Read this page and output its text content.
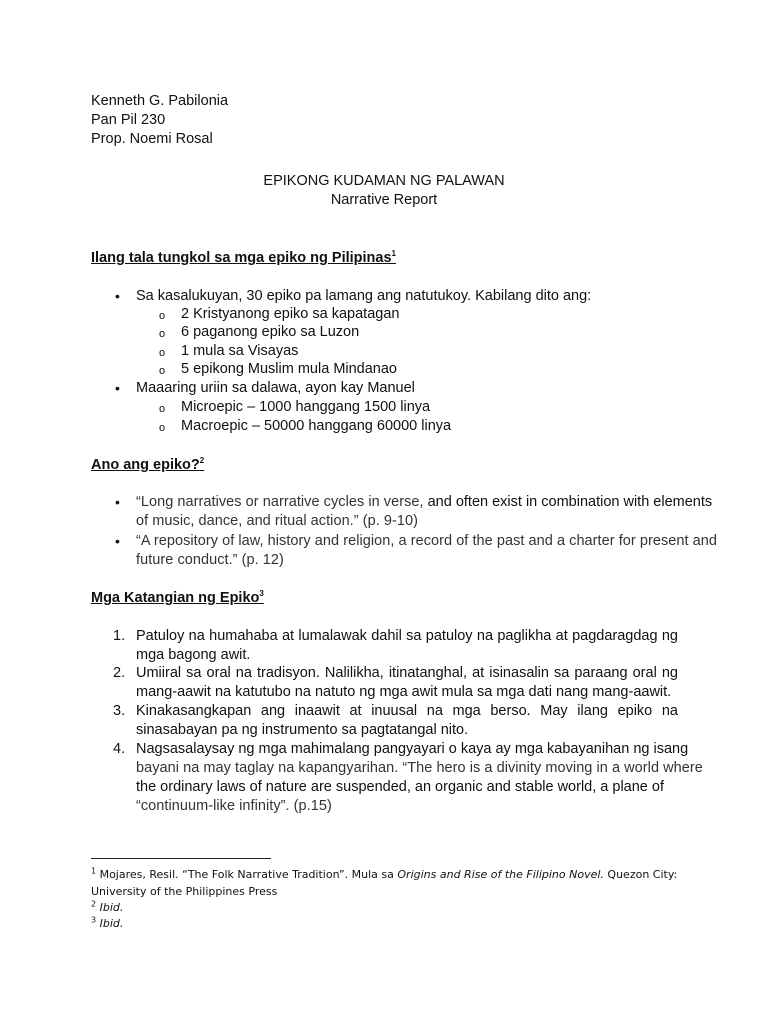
Kenneth G. Pabilonia
Pan Pil 230
Prop. Noemi Rosal
EPIKONG KUDAMAN NG PALAWAN
Narrative Report
Ilang tala tungkol sa mga epiko ng Pilipinas$^1$
• Sa kasalukuyan, 30 epiko pa lamang ang natutukoy. Kabilang dito ang:
o 2 Kristyanong epiko sa kapatagan
o 6 paganong epiko sa Luzon
o 1 mula sa Visayas
o 5 epikong Muslim mula Mindanao
• Maaaring uriin sa dalawa, ayon kay Manuel
o Microepic – 1000 hanggang 1500 linya
o Macroepic – 50000 hanggang 60000 linya
Ano ang epiko?$^2$
• “Long narratives or narrative cycles in verse, and often exist in combination with elements
of music, dance, and ritual action.” (p. 9-10)
• “A repository of law, history and religion, a record of the past and a charter for present and
future conduct.” (p. 12)
Mga Katangian ng Epiko$^3$
1. Patuloy na humahaba at lumalawak dahil sa patuloy na paglikha at pagdaragdag ng mga bagong awit.

2. Umiiral sa oral na tradisyon. Nalilikha, itinatanghal, at isinasalin sa paraang oral ng mang-aawit na katutubo na natuto ng mga awit mula sa mga dati nang mang-aawit.

3. Kinakasangkapan ang inaawit at inuusal na mga berso. May ilang epiko na sinasabayan pa ng instrumento sa pagtatangal nito.

4. Nagsasalaysay ng mga mahimalang pangyayari o kaya ay mga kabayanihan ng isang
bayani na may taglay na kapangyarihan. “The hero is a divinity moving in a world where
the ordinary laws of nature are suspended, an organic and stable world, a plane of
“continuum-like infinity”. (p.15)
$^1$ Mojares, Resil. “The Folk Narrative Tradition”. Mula sa Origins and Rise of the Filipino Novel. Quezon City:
University of the Philippines Press
$^2$ Ibid.
$^3$ Ibid.
